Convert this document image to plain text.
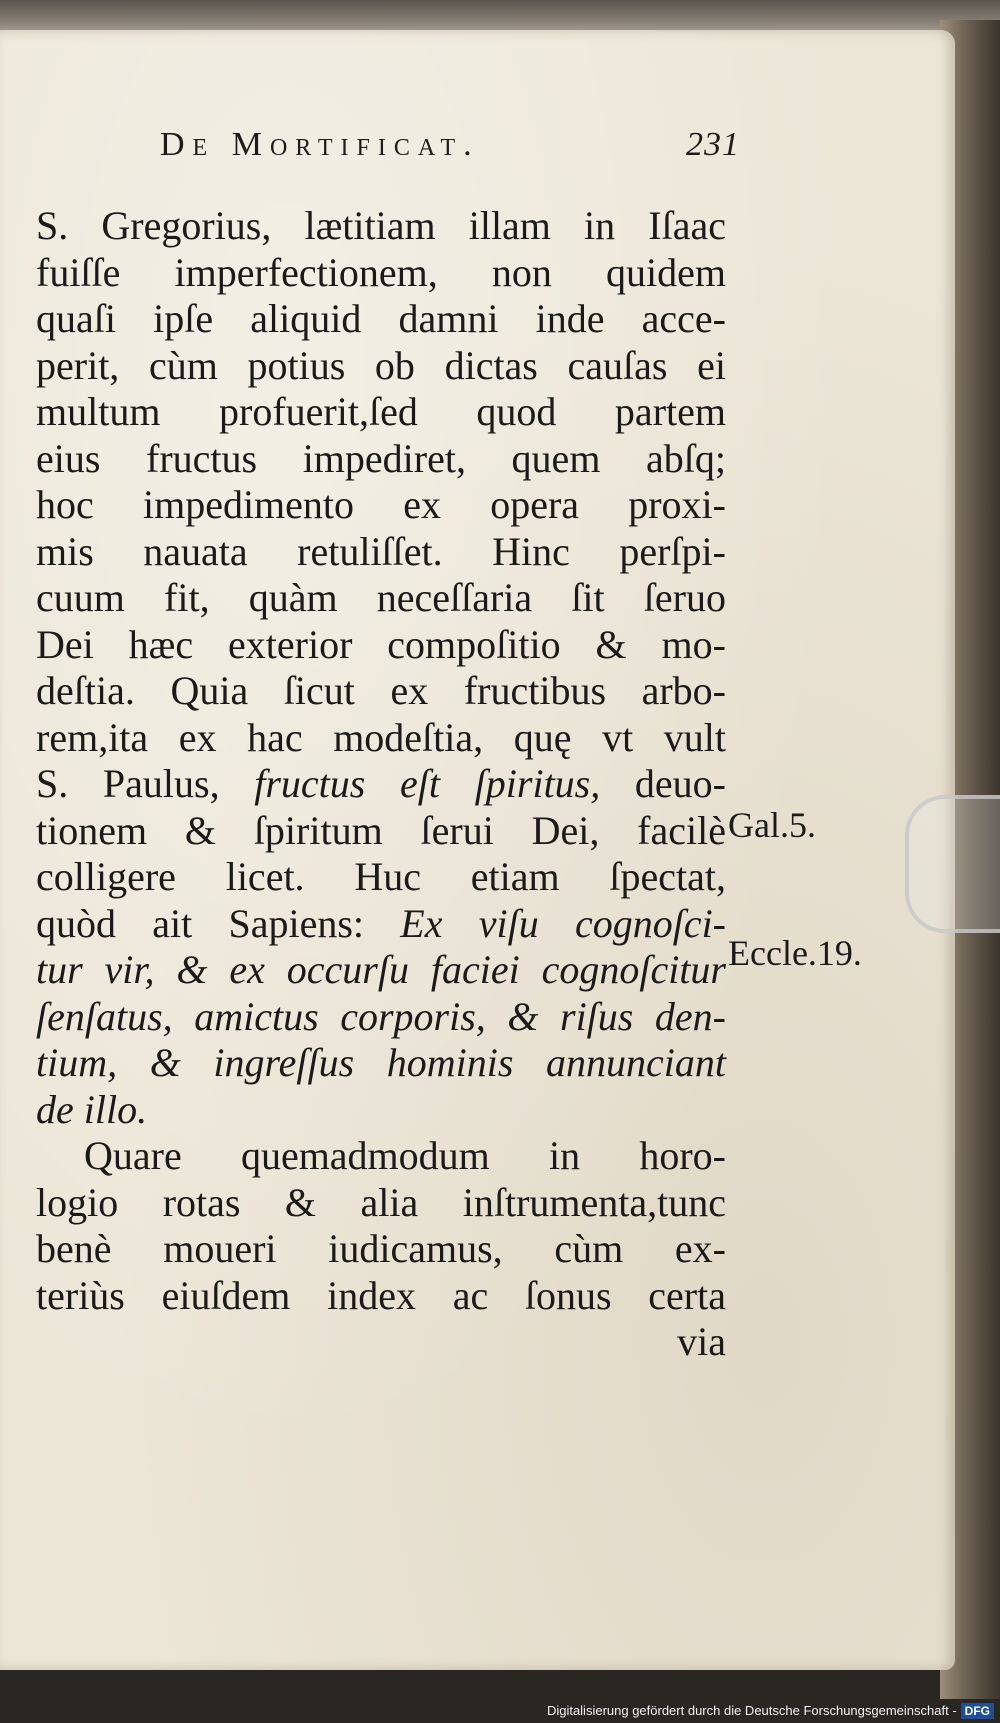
De Mortificat.	231
S. Gregorius, lætitiam illam in Iſaac
fuiſſe imperfectionem, non quidem
quaſi ipſe aliquid damni inde acce-
perit, cùm potius ob dictas cauſas ei
multum profuerit,ſed quod partem
eius fructus impediret, quem abſq;
hoc impedimento ex opera proxi-
mis nauata retuliſſet. Hinc perſpi-
cuum fit, quàm neceſſaria ſit ſeruo
Dei hæc exterior compoſitio & mo-
deſtia. Quia ſicut ex fructibus arbo-
rem,ita ex hac modeſtia, quę vt vult
S. Paulus, fructus eſt ſpiritus, deuo-
tionem & ſpiritum ſerui Dei, facilè
colligere licet. Huc etiam ſpectat,
quòd ait Sapiens: Ex viſu cognoſci-
tur vir, & ex occurſu faciei cognoſcitur
ſenſatus, amictus corporis, & riſus den-
tium, & ingreſſus hominis annunciant
de illo.
Quare quemadmodum in horo-
logio rotas & alia inſtrumenta,tunc
benè moueri iudicamus, cùm ex-
teriùs eiuſdem index ac ſonus certa
via
Gal.5.
Eccle.19.
Digitalisierung gefördert durch die Deutsche Forschungsgemeinschaft - DFG
